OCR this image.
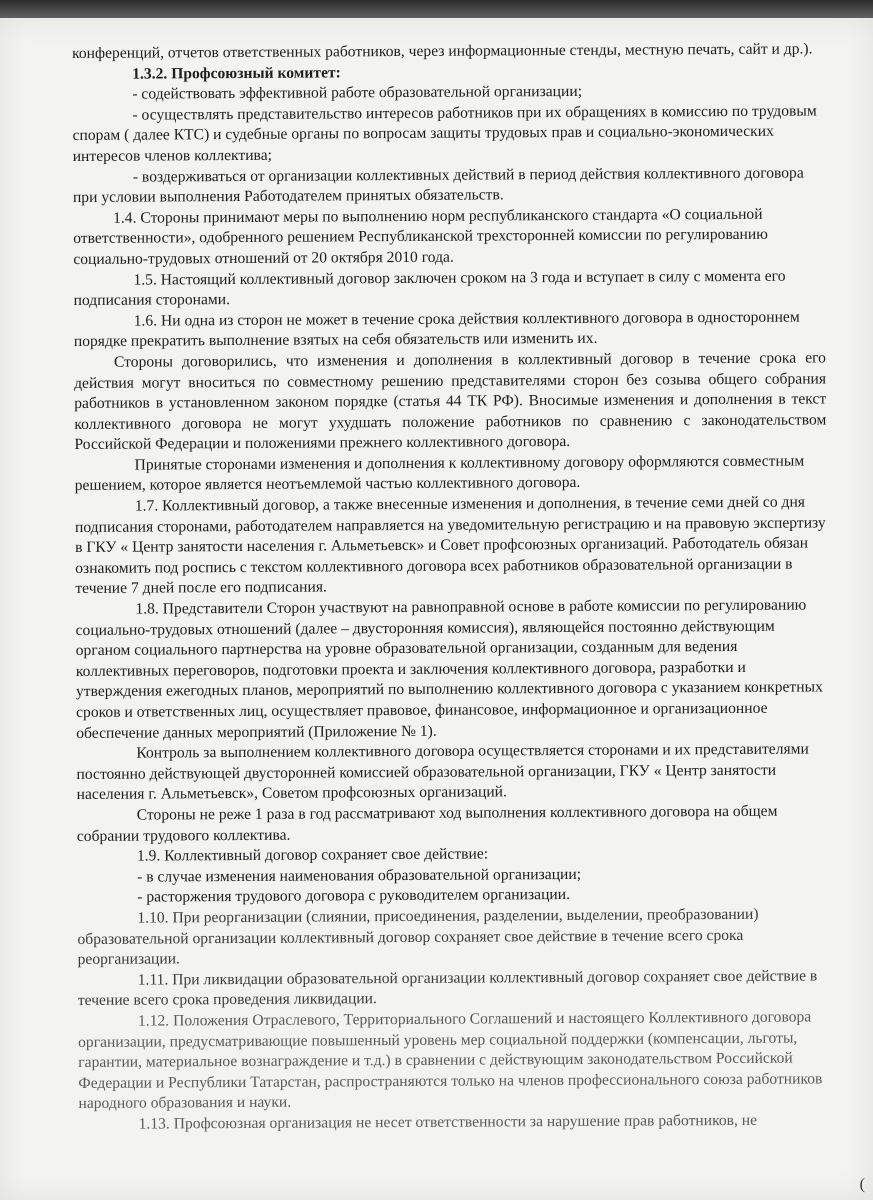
конференций, отчетов ответственных работников, через информационные стенды, местную печать, сайт и др.).

1.3.2. Профсоюзный комитет:

- содействовать эффективной работе образовательной организации;

- осуществлять представительство интересов работников при их обращениях в комиссию по трудовым спорам ( далее КТС) и судебные органы по вопросам защиты трудовых прав и социально-экономических интересов членов коллектива;

- воздерживаться от организации коллективных действий в период действия коллективного договора при условии выполнения Работодателем принятых обязательств.

1.4. Стороны принимают меры по выполнению норм республиканского стандарта «О социальной ответственности», одобренного решением Республиканской трехсторонней комиссии по регулированию социально-трудовых отношений от 20 октября 2010 года.

1.5. Настоящий коллективный договор заключен сроком на 3 года и вступает в силу с момента его подписания сторонами.

1.6. Ни одна из сторон не может в течение срока действия коллективного договора в одностороннем порядке прекратить выполнение взятых на себя обязательств или изменить их.

Стороны договорились, что изменения и дополнения в коллективный договор в течение срока его действия могут вноситься по совместному решению представителями сторон без созыва общего собрания работников в установленном законом порядке (статья 44 ТК РФ). Вносимые изменения и дополнения в текст коллективного договора не могут ухудшать положение работников по сравнению с законодательством Российской Федерации и положениями прежнего коллективного договора.

Принятые сторонами изменения и дополнения к коллективному договору оформляются совместным решением, которое является неотъемлемой частью коллективного договора.

1.7. Коллективный договор, а также внесенные изменения и дополнения, в течение семи дней со дня подписания сторонами, работодателем направляется на уведомительную регистрацию и на правовую экспертизу в ГКУ « Центр занятости населения г. Альметьевск» и Совет профсоюзных организаций. Работодатель обязан ознакомить под роспись с текстом коллективного договора всех работников образовательной организации в течение 7 дней после его подписания.

1.8. Представители Сторон участвуют на равноправной основе в работе комиссии по регулированию социально-трудовых отношений (далее – двусторонняя комиссия), являющейся постоянно действующим органом социального партнерства на уровне образовательной организации, созданным для ведения коллективных переговоров, подготовки проекта и заключения коллективного договора, разработки и утверждения ежегодных планов, мероприятий по выполнению коллективного договора с указанием конкретных сроков и ответственных лиц, осуществляет правовое, финансовое, информационное и организационное обеспечение данных мероприятий (Приложение № 1).

Контроль за выполнением коллективного договора осуществляется сторонами и их представителями постоянно действующей двусторонней комиссией образовательной организации, ГКУ « Центр занятости населения г. Альметьевск», Советом профсоюзных организаций.

Стороны не реже 1 раза в год рассматривают ход выполнения коллективного договора на общем собрании трудового коллектива.

1.9. Коллективный договор сохраняет свое действие:

- в случае изменения наименования образовательной организации;

- расторжения трудового договора с руководителем организации.

1.10. При реорганизации (слиянии, присоединения, разделении, выделении, преобразовании) образовательной организации коллективный договор сохраняет свое действие в течение всего срока реорганизации.

1.11. При ликвидации образовательной организации коллективный договор сохраняет свое действие в течение всего срока проведения ликвидации.

1.12. Положения Отраслевого, Территориального Соглашений и настоящего Коллективного договора организации, предусматривающие повышенный уровень мер социальной поддержки (компенсации, льготы, гарантии, материальное вознаграждение и т.д.) в сравнении с действующим законодательством Российской Федерации и Республики Татарстан, распространяются только на членов профессионального союза работников народного образования и науки.

1.13. Профсоюзная организация не несет ответственности за нарушение прав работников, не

(
